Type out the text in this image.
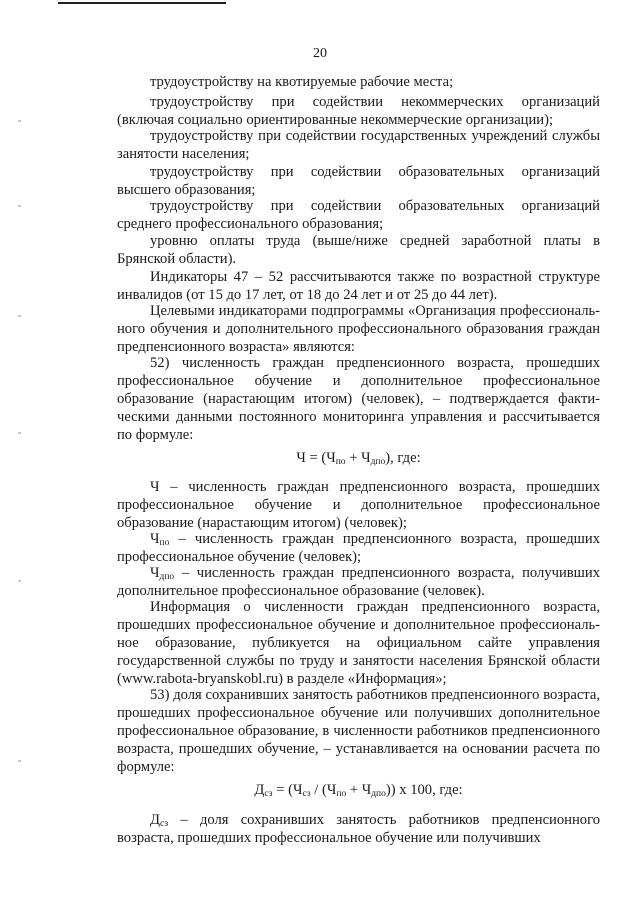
20

трудоустройству на квотируемые рабочие места;

трудоустройству при содействии некоммерческих организаций (включая социально ориентированные некоммерческие организации);

трудоустройству при содействии государственных учреждений службы занятости населения;

трудоустройству при содействии образовательных организаций высшего образования;

трудоустройству при содействии образовательных организаций среднего профессионального образования;

уровню оплаты труда (выше/ниже средней заработной платы в Брянской области).

Индикаторы 47 – 52 рассчитываются также по возрастной структуре инвалидов (от 15 до 17 лет, от 18 до 24 лет и от 25 до 44 лет).

Целевыми индикаторами подпрограммы «Организация профессиональ-ного обучения и дополнительного профессионального образования граждан предпенсионного возраста» являются:

52) численность граждан предпенсионного возраста, прошедших профессиональное обучение и дополнительное профессиональное образование (нарастающим итогом) (человек), – подтверждается факти-ческими данными постоянного мониторинга управления и рассчитывается по формуле:

$Ч = (Ч_{по} + Ч_{дпо})$, где:

Ч – численность граждан предпенсионного возраста, прошедших профессиональное обучение и дополнительное профессиональное образование (нарастающим итогом) (человек);

$Ч_{по}$ – численность граждан предпенсионного возраста, прошедших профессиональное обучение (человек);

$Ч_{дпо}$ – численность граждан предпенсионного возраста, получивших дополнительное профессиональное образование (человек).

Информация о численности граждан предпенсионного возраста, прошедших профессиональное обучение и дополнительное профессиональ-ное образование, публикуется на официальном сайте управления государственной службы по труду и занятости населения Брянской области (www.rabota-bryanskobl.ru) в разделе «Информация»;

53) доля сохранивших занятость работников предпенсионного возраста, прошедших профессиональное обучение или получивших дополнительное профессиональное образование, в численности работников предпенсионного возраста, прошедших обучение, – устанавливается на основании расчета по формуле:

$Д_{сз} = (Ч_{сз} / (Ч_{по} + Ч_{дпо}))$ х 100, где:

$Д_{сз}$ – доля сохранивших занятость работников предпенсионного возраста, прошедших профессиональное обучение или получивших
